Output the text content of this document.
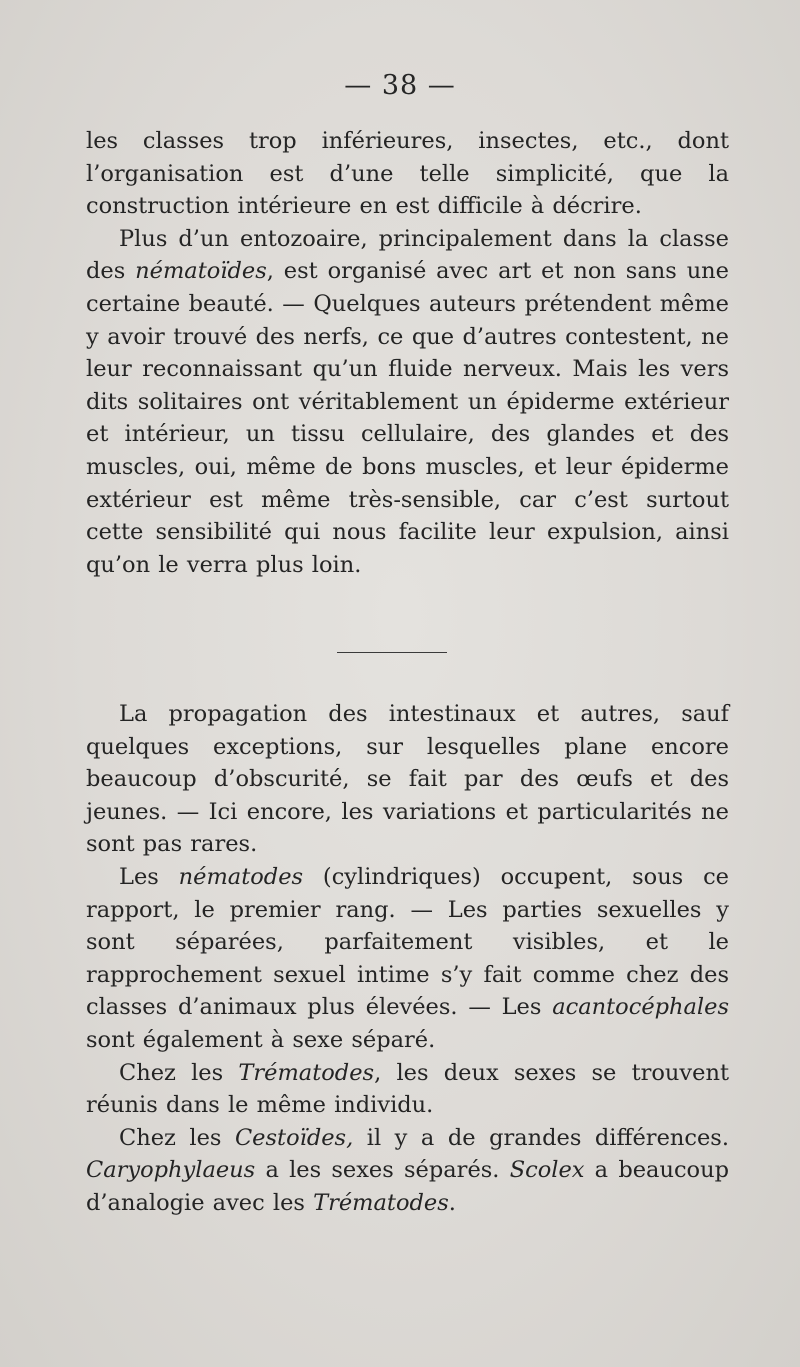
— 38 —

les classes trop inférieures, insectes, etc., dont l’organisation est d’une telle simplicité, que la construction intérieure en est difficile à décrire.

Plus d’un entozoaire, principalement dans la classe des nématoïdes, est organisé avec art et non sans une certaine beauté. — Quelques auteurs prétendent même y avoir trouvé des nerfs, ce que d’autres contestent, ne leur reconnaissant qu’un fluide nerveux. Mais les vers dits solitaires ont véritablement un épiderme extérieur et intérieur, un tissu cellulaire, des glandes et des muscles, oui, même de bons muscles, et leur épiderme extérieur est même très-sensible, car c’est surtout cette sensibilité qui nous facilite leur expulsion, ainsi qu’on le verra plus loin.

La propagation des intestinaux et autres, sauf quelques exceptions, sur lesquelles plane encore beaucoup d’obscurité, se fait par des œufs et des jeunes. — Ici encore, les variations et particularités ne sont pas rares.

Les nématodes (cylindriques) occupent, sous ce rapport, le premier rang. — Les parties sexuelles y sont séparées, parfaitement visibles, et le rapprochement sexuel intime s’y fait comme chez des classes d’animaux plus élevées. — Les acantocéphales sont également à sexe séparé.

Chez les Trématodes, les deux sexes se trouvent réunis dans le même individu.

Chez les Cestoïdes, il y a de grandes différences. Caryophylaeus a les sexes séparés. Scolex a beaucoup d’analogie avec les Trématodes.
